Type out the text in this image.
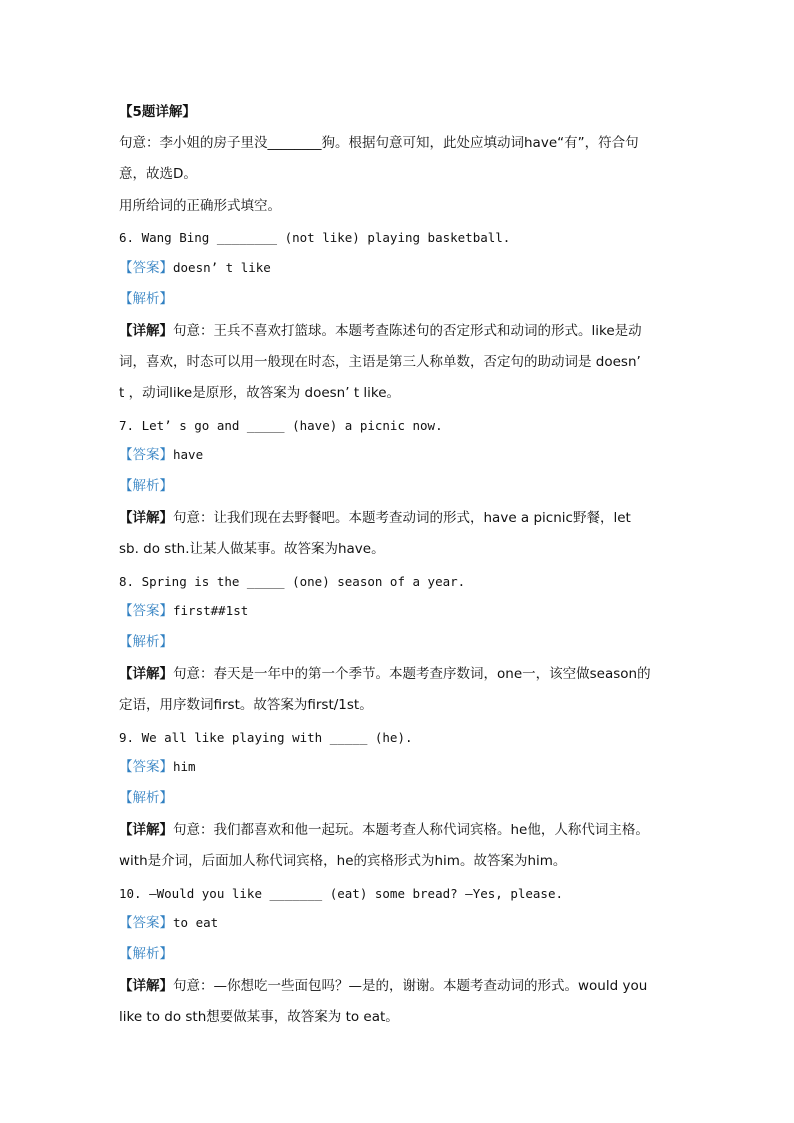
【5题详解】
句意：李小姐的房子里没________狗。根据句意可知，此处应填动词have“有”，符合句
意，故选D。
用所给词的正确形式填空。
6. Wang Bing ________ (not like) playing basketball.
【答案】doesn’ t like
【解析】
【详解】句意：王兵不喜欢打篮球。本题考查陈述句的否定形式和动词的形式。like是动
词，喜欢，时态可以用一般现在时态，主语是第三人称单数，否定句的助动词是 doesn’
t ，动词like是原形，故答案为 doesn’ t like。
7. Let’ s go and _____ (have) a picnic now.
【答案】have
【解析】
【详解】句意：让我们现在去野餐吧。本题考查动词的形式，have a picnic野餐，let
sb. do sth.让某人做某事。故答案为have。
8. Spring is the _____ (one) season of a year.
【答案】first##1st
【解析】
【详解】句意：春天是一年中的第一个季节。本题考查序数词，one一，该空做season的
定语，用序数词first。故答案为first/1st。
9. We all like playing with _____ (he).
【答案】him
【解析】
【详解】句意：我们都喜欢和他一起玩。本题考查人称代词宾格。he他，人称代词主格。
with是介词，后面加人称代词宾格，he的宾格形式为him。故答案为him。
10. —Would you like _______ (eat) some bread? —Yes, please.
【答案】to eat
【解析】
【详解】句意：—你想吃一些面包吗？—是的，谢谢。本题考查动词的形式。would you
like to do sth想要做某事，故答案为 to eat。
